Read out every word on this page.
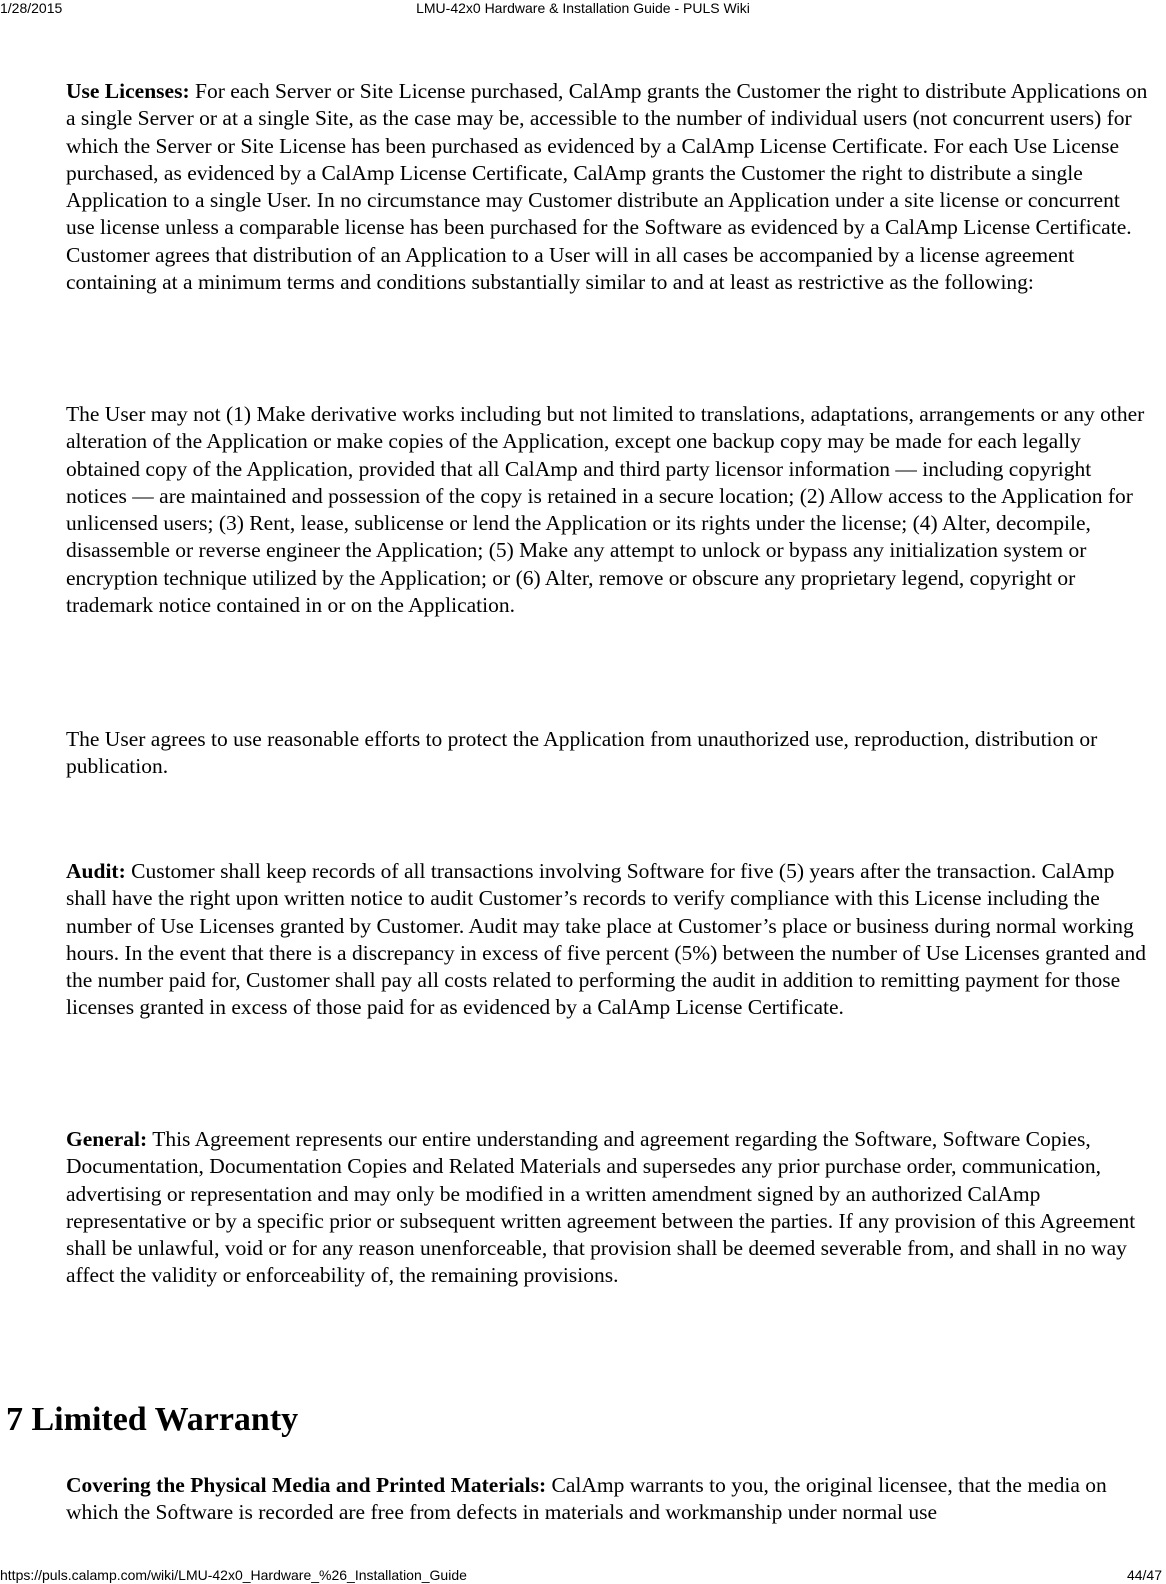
1/28/2015	LMU-42x0 Hardware & Installation Guide - PULS Wiki

Use Licenses: For each Server or Site License purchased, CalAmp grants the Customer the right to distribute Applications on a single Server or at a single Site, as the case may be, accessible to the number of individual users (not concurrent users) for which the Server or Site License has been purchased as evidenced by a CalAmp License Certificate. For each Use License purchased, as evidenced by a CalAmp License Certificate, CalAmp grants the Customer the right to distribute a single Application to a single User. In no circumstance may Customer distribute an Application under a site license or concurrent use license unless a comparable license has been purchased for the Software as evidenced by a CalAmp License Certificate. Customer agrees that distribution of an Application to a User will in all cases be accompanied by a license agreement containing at a minimum terms and conditions substantially similar to and at least as restrictive as the following:

The User may not (1) Make derivative works including but not limited to translations, adaptations, arrangements or any other alteration of the Application or make copies of the Application, except one backup copy may be made for each legally obtained copy of the Application, provided that all CalAmp and third party licensor information — including copyright notices — are maintained and possession of the copy is retained in a secure location; (2) Allow access to the Application for unlicensed users; (3) Rent, lease, sublicense or lend the Application or its rights under the license; (4) Alter, decompile, disassemble or reverse engineer the Application; (5) Make any attempt to unlock or bypass any initialization system or encryption technique utilized by the Application; or (6) Alter, remove or obscure any proprietary legend, copyright or trademark notice contained in or on the Application.

The User agrees to use reasonable efforts to protect the Application from unauthorized use, reproduction, distribution or publication.

Audit: Customer shall keep records of all transactions involving Software for five (5) years after the transaction. CalAmp shall have the right upon written notice to audit Customer’s records to verify compliance with this License including the number of Use Licenses granted by Customer. Audit may take place at Customer’s place or business during normal working hours. In the event that there is a discrepancy in excess of five percent (5%) between the number of Use Licenses granted and the number paid for, Customer shall pay all costs related to performing the audit in addition to remitting payment for those licenses granted in excess of those paid for as evidenced by a CalAmp License Certificate.

General: This Agreement represents our entire understanding and agreement regarding the Software, Software Copies, Documentation, Documentation Copies and Related Materials and supersedes any prior purchase order, communication, advertising or representation and may only be modified in a written amendment signed by an authorized CalAmp representative or by a specific prior or subsequent written agreement between the parties. If any provision of this Agreement shall be unlawful, void or for any reason unenforceable, that provision shall be deemed severable from, and shall in no way affect the validity or enforceability of, the remaining provisions.

7 Limited Warranty

Covering the Physical Media and Printed Materials: CalAmp warrants to you, the original licensee, that the media on which the Software is recorded are free from defects in materials and workmanship under normal use

https://puls.calamp.com/wiki/LMU-42x0_Hardware_%26_Installation_Guide	44/47
